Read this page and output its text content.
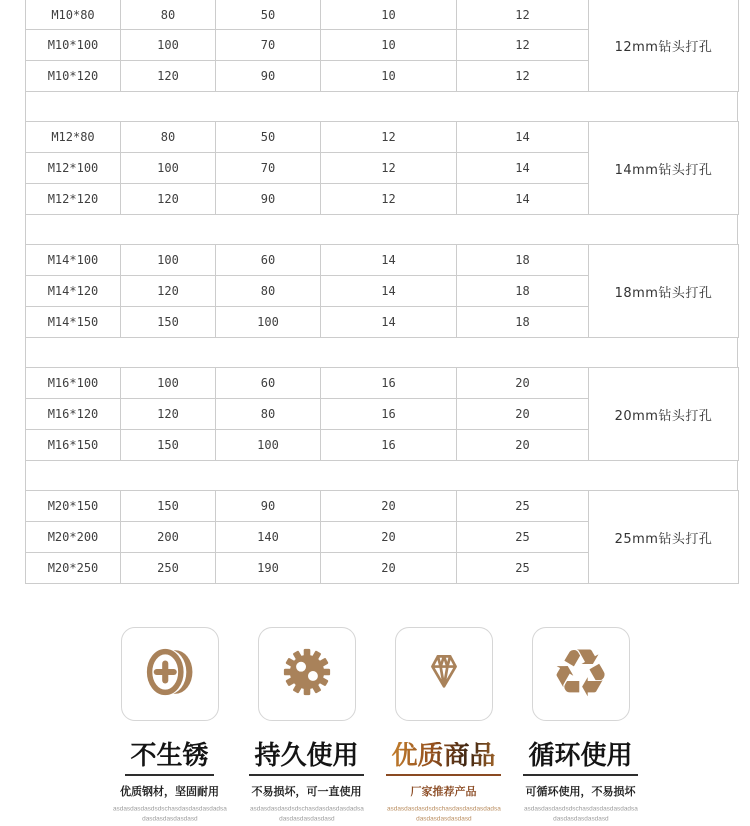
M10*80	80	50	10	12	12mm钻头打孔
M10*100	100	70	10	12	
M10*120	120	90	10	12	
M12*80	80	50	12	14	14mm钻头打孔
M12*100	100	70	12	14	
M12*120	120	90	12	14	
M14*100	100	60	14	18	18mm钻头打孔
M14*120	120	80	14	18	
M14*150	150	100	14	18	
M16*100	100	60	16	20	20mm钻头打孔
M16*120	120	80	16	20	
M16*150	150	100	16	20	
M20*150	150	90	20	25	25mm钻头打孔
M20*200	200	140	20	25	
M20*250	250	190	20	25	
不生锈
优质钢材，坚固耐用
asdasdasdasdsdschasdasdasdasdadsa
dasdasdasdasdasd
持久使用
不易损坏，可一直使用
asdasdasdasdsdschasdasdasdasdadsa
dasdasdasdasdasd
优质商品
厂家推荐产品
asdasdasdasdsdschasdasdasdasdadsa
dasdasdasdasdasd
♻
循环使用
可循环使用，不易损坏
asdasdasdasdsdschasdasdasdasdadsa
dasdasdasdasdasd
